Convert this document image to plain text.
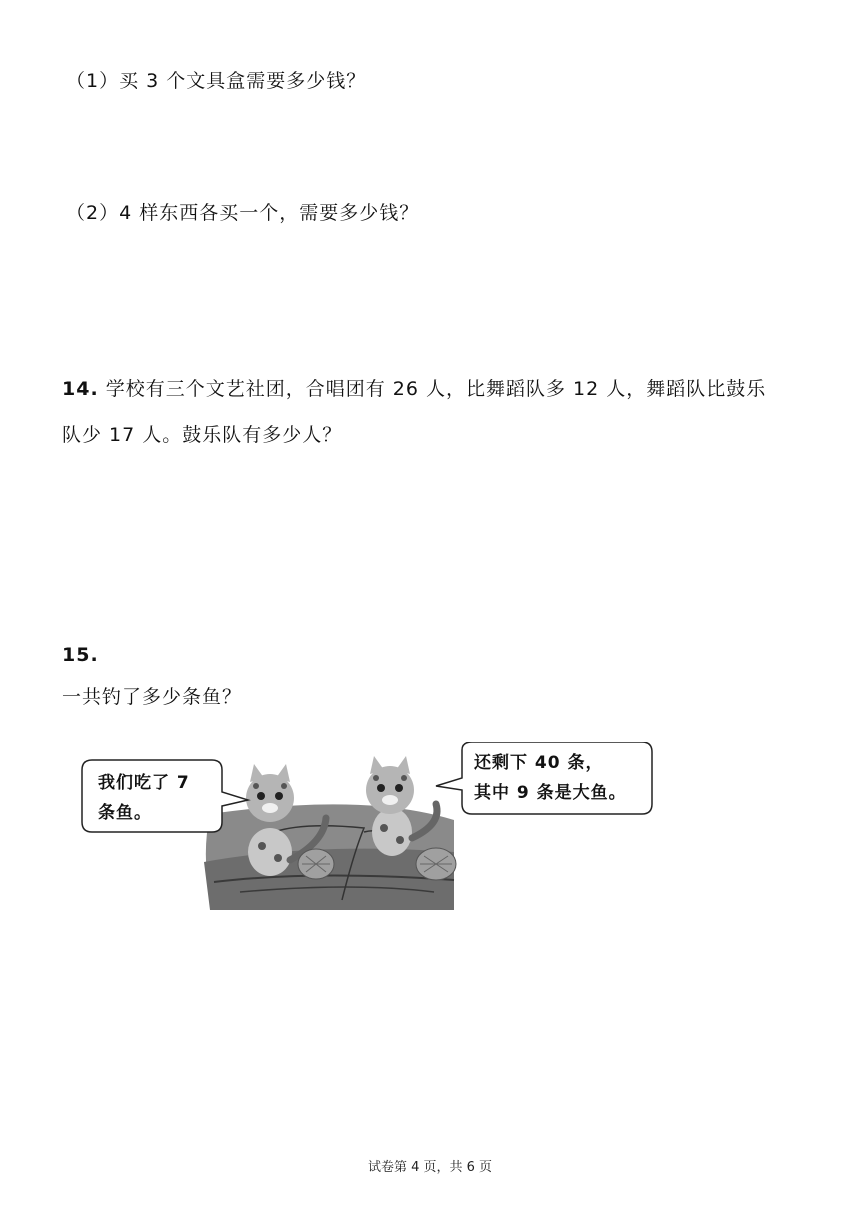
（1）买 3 个文具盒需要多少钱？
（2）4 样东西各买一个，需要多少钱？
14. 学校有三个文艺社团，合唱团有 26 人，比舞蹈队多 12 人，舞蹈队比鼓乐
队少 17 人。鼓乐队有多少人？
15.
一共钓了多少条鱼？
我们吃了 7
条鱼。
还剩下 40 条，
其中 9 条是大鱼。
试卷第 4 页，共 6 页
